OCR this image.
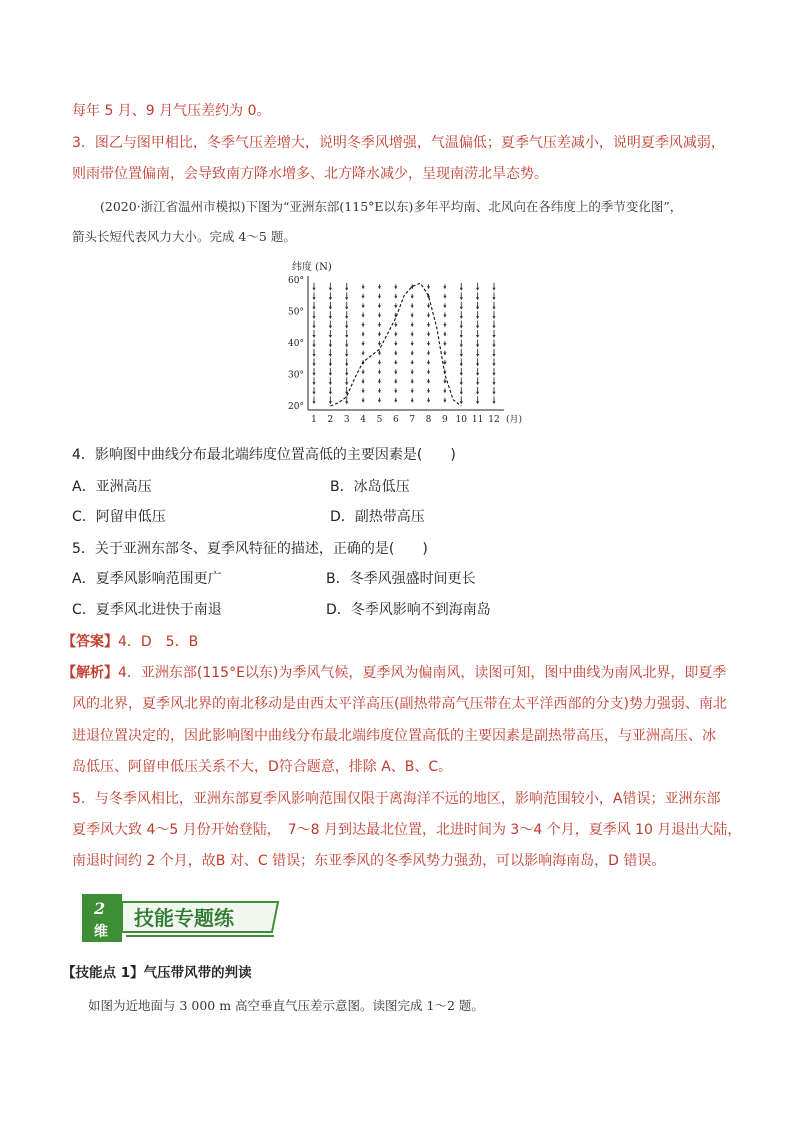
每年 5 月、9 月气压差约为 0。
3．图乙与图甲相比，冬季气压差增大，说明冬季风增强，气温偏低；夏季气压差减小，说明夏季风减弱，
则雨带位置偏南，会导致南方降水增多、北方降水减少，呈现南涝北旱态势。
(2020·浙江省温州市模拟)下图为“亚洲东部(115°E以东)多年平均南、北风向在各纬度上的季节变化图”，
箭头长短代表风力大小。完成 4～5 题。
纬度 (N)
20°
30°
40°
50°
60°
1 2 3 4 5 6 7 8 9 10 11 12 (月)
4．影响图中曲线分布最北端纬度位置高低的主要因素是(　　)
A．亚洲高压	B．冰岛低压
C．阿留申低压	D．副热带高压
5．关于亚洲东部冬、夏季风特征的描述，正确的是(　　)
A．夏季风影响范围更广	B．冬季风强盛时间更长
C．夏季风北进快于南退	D．冬季风影响不到海南岛
【答案】4．D　5．B
【解析】4．亚洲东部(115°E以东)为季风气候，夏季风为偏南风，读图可知，图中曲线为南风北界，即夏季
风的北界，夏季风北界的南北移动是由西太平洋高压(副热带高气压带在太平洋西部的分支)势力强弱、南北
进退位置决定的，因此影响图中曲线分布最北端纬度位置高低的主要因素是副热带高压，与亚洲高压、冰
岛低压、阿留申低压关系不大，D符合题意，排除 A、B、C。
5．与冬季风相比，亚洲东部夏季风影响范围仅限于离海洋不远的地区，影响范围较小，A错误；亚洲东部
夏季风大致 4～5 月份开始登陆，　7～8 月到达最北位置，北进时间为 3～4 个月，夏季风 10 月退出大陆，
南退时间约 2 个月，故B 对、C 错误；东亚季风的冬季风势力强劲，可以影响海南岛，D 错误。
2
维
技能专题练
【技能点 1】气压带风带的判读
如图为近地面与 3 000 m 高空垂直气压差示意图。读图完成 1～2 题。
